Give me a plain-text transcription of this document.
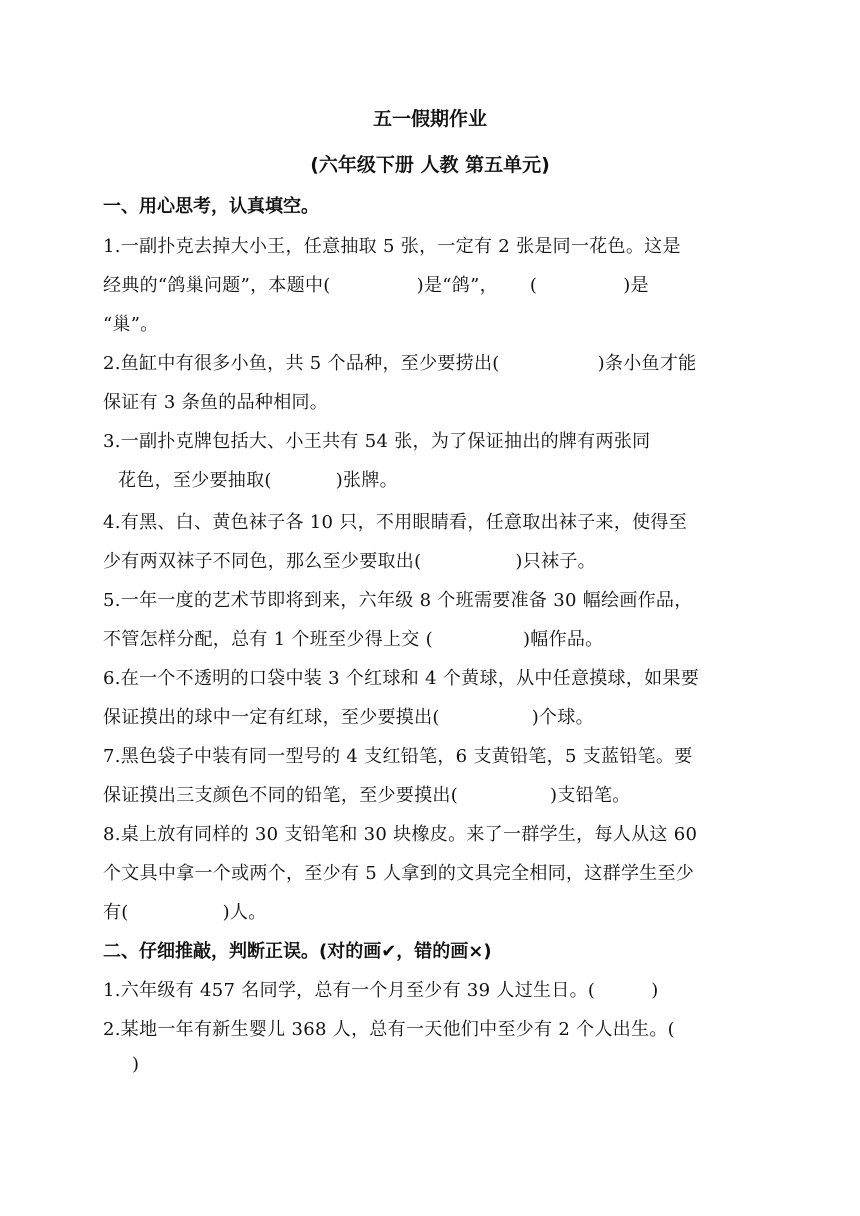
五一假期作业
(六年级下册 人教 第五单元)
一、用心思考，认真填空。
1.一副扑克去掉大小王，任意抽取 5 张，一定有 2 张是同一花色。这是
经典的“鸽巢问题”，本题中(	)是“鸽”， (	)是
“巢”。
2.鱼缸中有很多小鱼，共 5 个品种，至少要捞出(	)条小鱼才能
保证有 3 条鱼的品种相同。
3.一副扑克牌包括大、小王共有 54 张，为了保证抽出的牌有两张同
花色，至少要抽取(	)张牌。
4.有黑、白、黄色袜子各 10 只，不用眼睛看，任意取出袜子来，使得至
少有两双袜子不同色，那么至少要取出(	)只袜子。
5.一年一度的艺术节即将到来，六年级 8 个班需要准备 30 幅绘画作品，
不管怎样分配，总有 1 个班至少得上交 (	)幅作品。
6.在一个不透明的口袋中装 3 个红球和 4 个黄球，从中任意摸球，如果要
保证摸出的球中一定有红球，至少要摸出(	)个球。
7.黑色袋子中装有同一型号的 4 支红铅笔，6 支黄铅笔，5 支蓝铅笔。要
保证摸出三支颜色不同的铅笔，至少要摸出(	)支铅笔。
8.桌上放有同样的 30 支铅笔和 30 块橡皮。来了一群学生，每人从这 60
个文具中拿一个或两个，至少有 5 人拿到的文具完全相同，这群学生至少
有(	)人。
二、仔细推敲，判断正误。(对的画✔，错的画×)
1.六年级有 457 名同学，总有一个月至少有 39 人过生日。(	)
2.某地一年有新生婴儿 368 人，总有一天他们中至少有 2 个人出生。(
)
